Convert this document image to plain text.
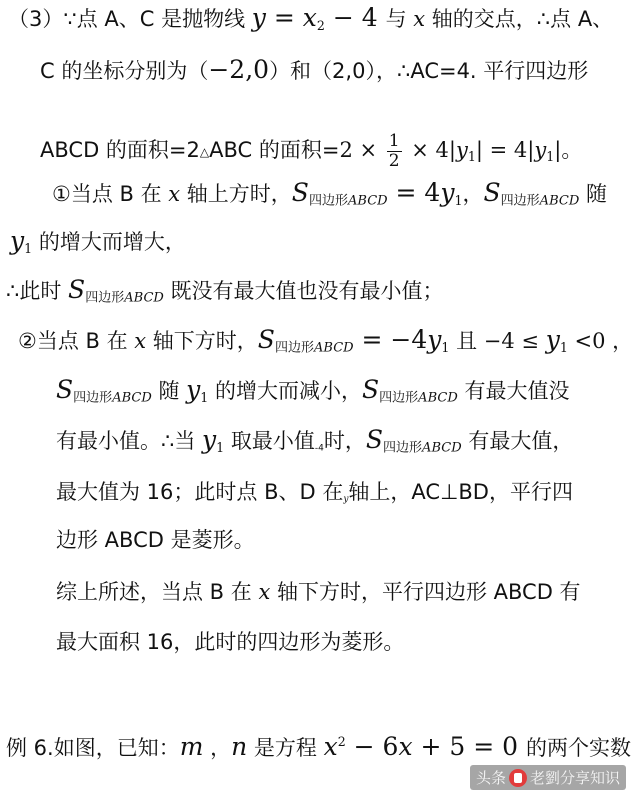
（3）∵点 A、C 是抛物线 $y = x_2 - 4$ 与 x 轴的交点，∴点 A、
C 的坐标分别为（−2,0）和（2,0），∴AC=4. 平行四边形
ABCD 的面积=2△ABC 的面积$=2 \times \frac{1}{2} \times 4|y_1| = 4|y_1|$。
①当点 B 在 x 轴上方时，S四边形ABCD = $4y_1$，S四边形ABCD 随
$y_1$ 的增大而增大，
∴此时 S四边形ABCD 既没有最大值也没有最小值；
②当点 B 在 x 轴下方时，S四边形ABCD = $-4y_1$ 且 $-4 \le y_1 <0$ ，
S四边形ABCD 随 $y_1$ 的增大而减小，S四边形ABCD 有最大值没
有最小值。∴当 $y_1$ 取最小值-4时，S四边形ABCD 有最大值，
最大值为 16；此时点 B、D 在y轴上，AC⊥BD，平行四
边形 ABCD 是菱形。
综上所述，当点 B 在 x 轴下方时，平行四边形 ABCD 有
最大面积 16，此时的四边形为菱形。
例 6.如图，已知：m ，n 是方程 $x^2 - 6x + 5 = 0$ 的两个实数
头条 老劉分享知识
